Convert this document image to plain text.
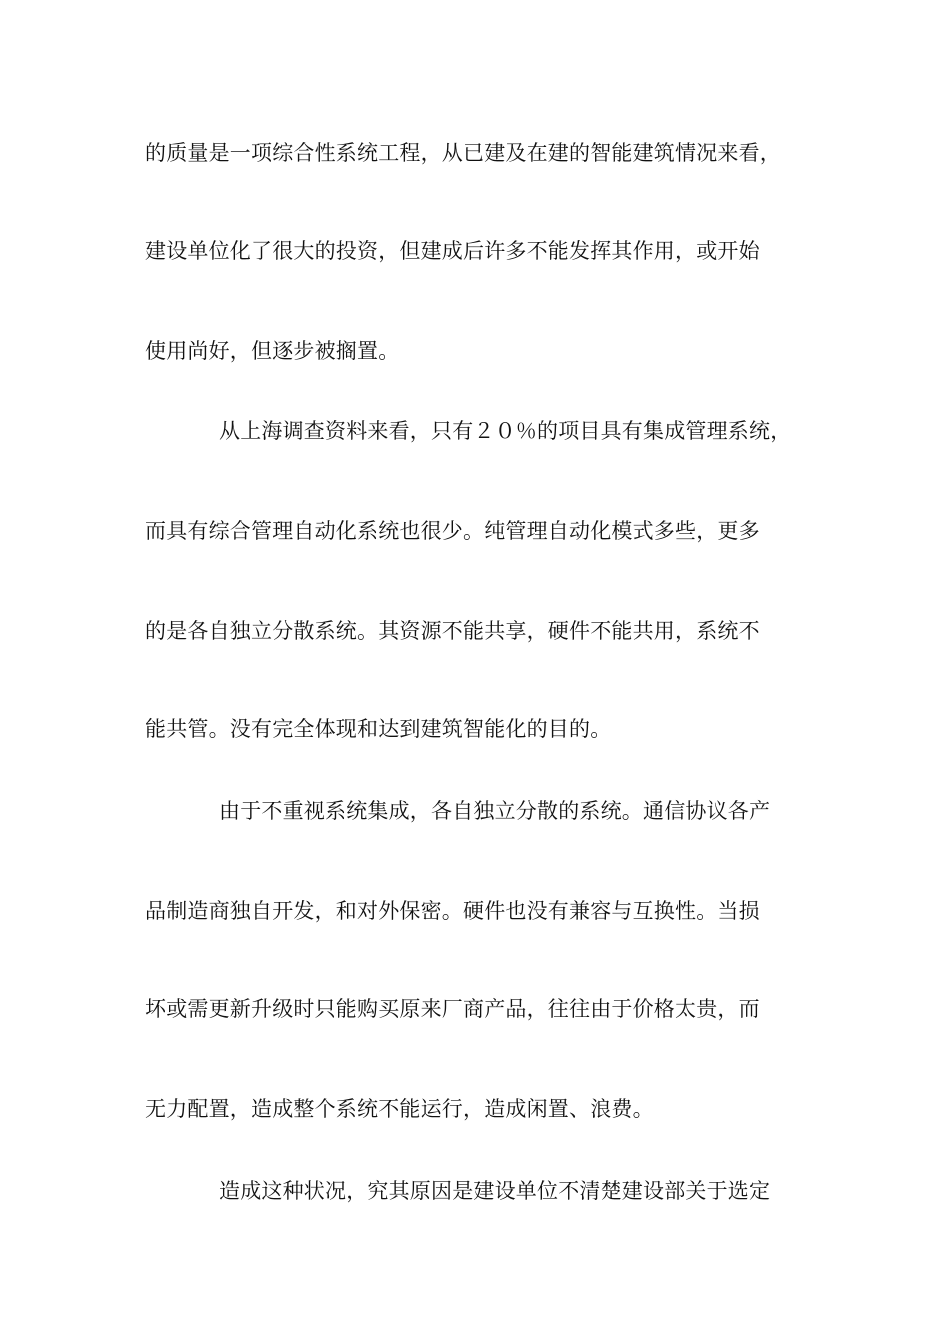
的质量是一项综合性系统工程，从已建及在建的智能建筑情况来看，
建设单位化了很大的投资，但建成后许多不能发挥其作用，或开始
使用尚好，但逐步被搁置。
从上海调查资料来看，只有２０％的项目具有集成管理系统，
而具有综合管理自动化系统也很少。纯管理自动化模式多些，更多
的是各自独立分散系统。其资源不能共享，硬件不能共用，系统不
能共管。没有完全体现和达到建筑智能化的目的。
由于不重视系统集成，各自独立分散的系统。通信协议各产
品制造商独自开发，和对外保密。硬件也没有兼容与互换性。当损
坏或需更新升级时只能购买原来厂商产品，往往由于价格太贵，而
无力配置，造成整个系统不能运行，造成闲置、浪费。
造成这种状况，究其原因是建设单位不清楚建设部关于选定
